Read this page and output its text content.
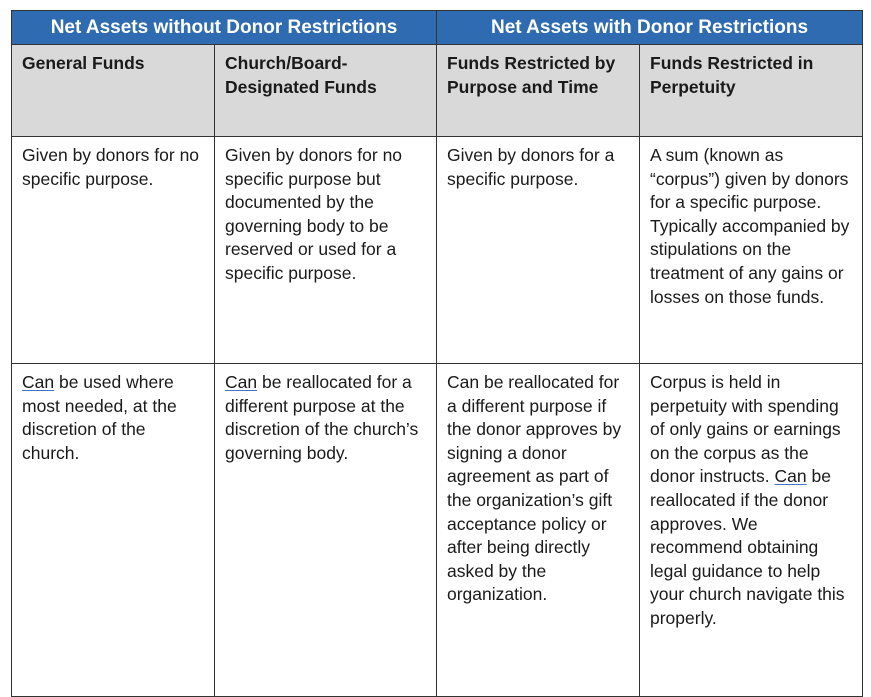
Net Assets without Donor Restrictions		Net Assets with Donor Restrictions	
General Funds	Church/Board-Designated Funds	Funds Restricted by Purpose and Time	Funds Restricted in Perpetuity
Given by donors for no specific purpose.	Given by donors for no specific purpose but documented by the governing body to be reserved or used for a specific purpose.	Given by donors for a specific purpose.	A sum (known as “corpus”) given by donors for a specific purpose. Typically accompanied by stipulations on the treatment of any gains or losses on those funds.
Can be used where most needed, at the discretion of the church.	Can be reallocated for a different purpose at the discretion of the church’s governing body.	Can be reallocated for a different purpose if the donor approves by signing a donor agreement as part of the organization’s gift acceptance policy or after being directly asked by the organization.	Corpus is held in perpetuity with spending of only gains or earnings on the corpus as the donor instructs. Can be reallocated if the donor approves. We recommend obtaining legal guidance to help your church navigate this properly.
